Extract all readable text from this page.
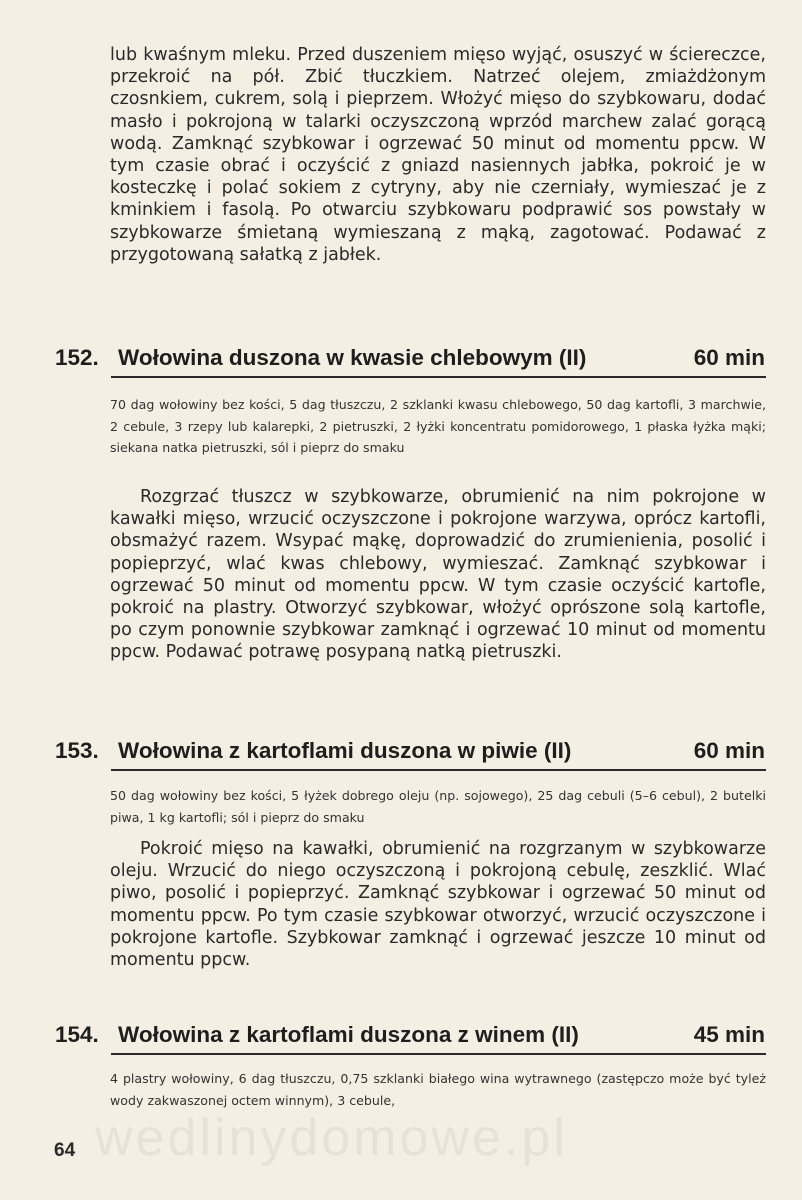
lub kwaśnym mleku. Przed duszeniem mięso wyjąć, osuszyć w ściereczce, przekroić na pół. Zbić tłuczkiem. Natrzeć olejem, zmiażdżonym czosnkiem, cukrem, solą i pieprzem. Włożyć mięso do szybkowaru, dodać masło i pokrojoną w talarki oczyszczoną wprzód marchew zalać gorącą wodą. Zamknąć szybkowar i ogrzewać 50 minut od momentu ppcw. W tym czasie obrać i oczyścić z gniazd nasiennych jabłka, pokroić je w kosteczkę i polać sokiem z cytryny, aby nie czerniały, wymieszać je z kminkiem i fasolą. Po otwarciu szybkowaru podprawić sos powstały w szybkowarze śmietaną wymieszaną z mąką, zagotować. Podawać z przygotowaną sałatką z jabłek.

152. Wołowina duszona w kwasie chlebowym (II)	60 min

70 dag wołowiny bez kości, 5 dag tłuszczu, 2 szklanki kwasu chlebowego, 50 dag kartofli, 3 marchwie, 2 cebule, 3 rzepy lub kalarepki, 2 pietruszki, 2 łyżki koncentratu pomidorowego, 1 płaska łyżka mąki; siekana natka pietruszki, sól i pieprz do smaku

Rozgrzać tłuszcz w szybkowarze, obrumienić na nim pokrojone w kawałki mięso, wrzucić oczyszczone i pokrojone warzywa, oprócz kartofli, obsmażyć razem. Wsypać mąkę, doprowadzić do zrumienienia, posolić i popieprzyć, wlać kwas chlebowy, wymieszać. Zamknąć szybkowar i ogrzewać 50 minut od momentu ppcw. W tym czasie oczyścić kartofle, pokroić na plastry. Otworzyć szybkowar, włożyć oprószone solą kartofle, po czym ponownie szybkowar zamknąć i ogrzewać 10 minut od momentu ppcw. Podawać potrawę posypaną natką pietruszki.

153. Wołowina z kartoflami duszona w piwie (II)	60 min

50 dag wołowiny bez kości, 5 łyżek dobrego oleju (np. sojowego), 25 dag cebuli (5–6 cebul), 2 butelki piwa, 1 kg kartofli; sól i pieprz do smaku

Pokroić mięso na kawałki, obrumienić na rozgrzanym w szybkowarze oleju. Wrzucić do niego oczyszczoną i pokrojoną cebulę, zeszklić. Wlać piwo, posolić i popieprzyć. Zamknąć szybkowar i ogrzewać 50 minut od momentu ppcw. Po tym czasie szybkowar otworzyć, wrzucić oczyszczone i pokrojone kartofle. Szybkowar zamknąć i ogrzewać jeszcze 10 minut od momentu ppcw.

154. Wołowina z kartoflami duszona z winem (II)	45 min

4 plastry wołowiny, 6 dag tłuszczu, 0,75 szklanki białego wina wytrawnego (zastępczo może być tyleż wody zakwaszonej octem winnym), 3 cebule,

wedlinydomowe.pl
64
